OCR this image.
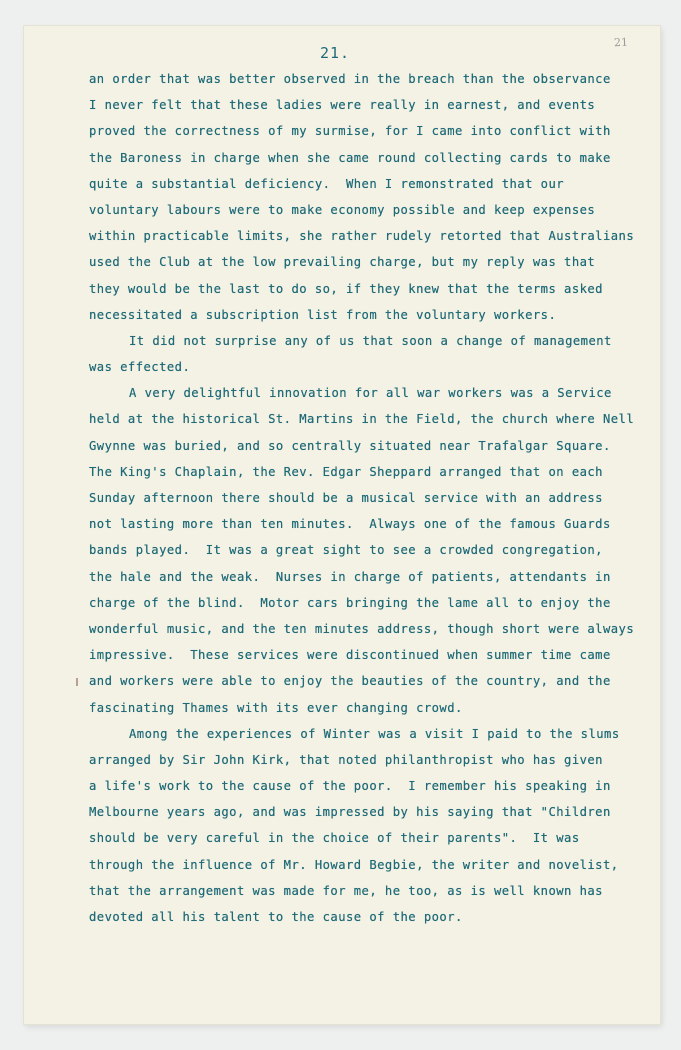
21.
21
an order that was better observed in the breach than the observance
I never felt that these ladies were really in earnest, and events
proved the correctness of my surmise, for I came into conflict with
the Baroness in charge when she came round collecting cards to make
quite a substantial deficiency.  When I remonstrated that our
voluntary labours were to make economy possible and keep expenses
within practicable limits, she rather rudely retorted that Australians
used the Club at the low prevailing charge, but my reply was that
they would be the last to do so, if they knew that the terms asked
necessitated a subscription list from the voluntary workers.
It did not surprise any of us that soon a change of management
was effected.
A very delightful innovation for all war workers was a Service
held at the historical St. Martins in the Field, the church where Nell
Gwynne was buried, and so centrally situated near Trafalgar Square.
The King's Chaplain, the Rev. Edgar Sheppard arranged that on each
Sunday afternoon there should be a musical service with an address
not lasting more than ten minutes.  Always one of the famous Guards
bands played.  It was a great sight to see a crowded congregation,
the hale and the weak.  Nurses in charge of patients, attendants in
charge of the blind.  Motor cars bringing the lame all to enjoy the
wonderful music, and the ten minutes address, though short were always
impressive.  These services were discontinued when summer time came
and workers were able to enjoy the beauties of the country, and the
fascinating Thames with its ever changing crowd.
Among the experiences of Winter was a visit I paid to the slums
arranged by Sir John Kirk, that noted philanthropist who has given
a life's work to the cause of the poor.  I remember his speaking in
Melbourne years ago, and was impressed by his saying that "Children
should be very careful in the choice of their parents".  It was
through the influence of Mr. Howard Begbie, the writer and novelist,
that the arrangement was made for me, he too, as is well known has
devoted all his talent to the cause of the poor.
